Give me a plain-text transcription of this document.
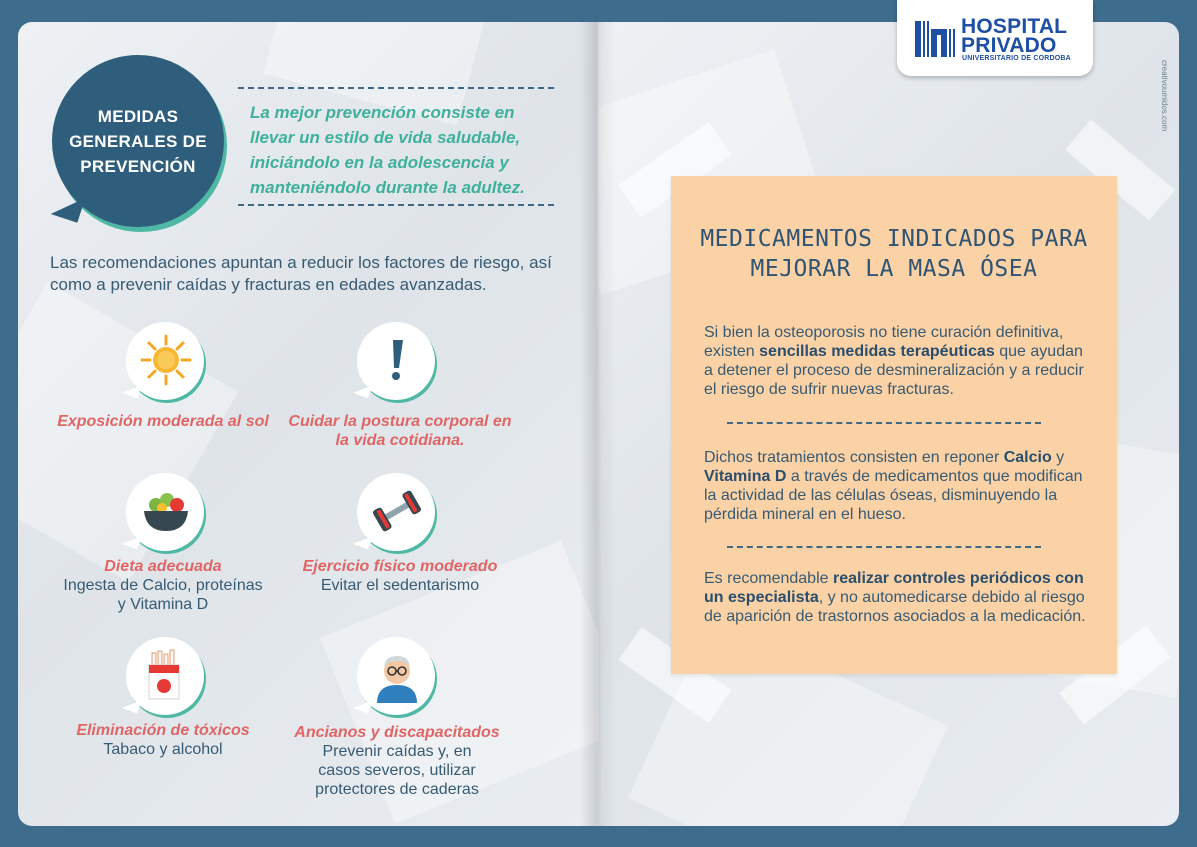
MEDIDAS GENERALES DE PREVENCIÓN
La mejor prevención consiste en llevar un estilo de vida saludable, iniciándolo en la adolescencia y manteniéndolo durante la adultez.
Las recomendaciones apuntan a reducir los factores de riesgo, así como a prevenir caídas y fracturas en edades avanzadas.
Exposición moderada al sol	Cuidar la postura corporal en la vida cotidiana.
Dieta adecuada
Ingesta de Calcio, proteínas y Vitamina D
Ejercicio físico moderado
Evitar el sedentarismo
Eliminación de tóxicos
Tabaco y alcohol
Ancianos y discapacitados
Prevenir caídas y, en casos severos, utilizar protectores de caderas
HOSPITAL
PRIVADO
UNIVERSITARIO DE CORDOBA
creativoumidos.com
MEDICAMENTOS INDICADOS PARA
MEJORAR LA MASA ÓSEA
Si bien la osteoporosis no tiene curación definitiva, existen sencillas medidas terapéuticas que ayudan a detener el proceso de desmineralización y a reducir el riesgo de sufrir nuevas fracturas.
Dichos tratamientos consisten en reponer Calcio y Vitamina D a través de medicamentos que modifican la actividad de las células óseas, disminuyendo la pérdida mineral en el hueso.
Es recomendable realizar controles periódicos con un especialista, y no automedicarse debido al riesgo de aparición de trastornos asociados a la medicación.
